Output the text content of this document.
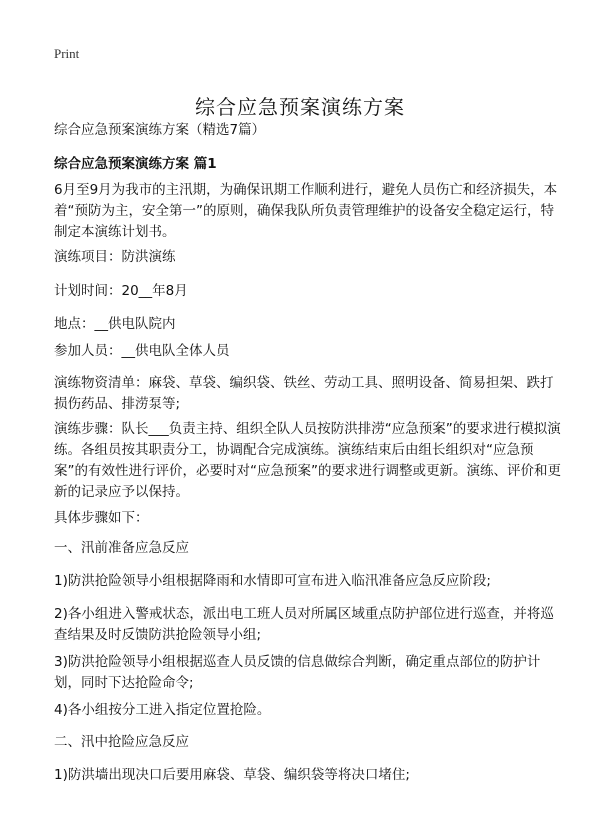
Print
综合应急预案演练方案
综合应急预案演练方案（精选7篇）
综合应急预案演练方案 篇1

6月至9月为我市的主汛期，为确保讯期工作顺利进行，避免人员伤亡和经济损失，本着“预防为主，安全第一”的原则，确保我队所负责管理维护的设备安全稳定运行，特制定本演练计划书。

演练项目：防洪演练

计划时间：20__年8月

地点：__供电队院内

参加人员：__供电队全体人员

演练物资清单：麻袋、草袋、编织袋、铁丝、劳动工具、照明设备、简易担架、跌打损伤药品、排涝泵等;

演练步骤：队长___负责主持、组织全队人员按防洪排涝“应急预案”的要求进行模拟演练。各组员按其职责分工，协调配合完成演练。演练结束后由组长组织对“应急预案”的有效性进行评价，必要时对“应急预案”的要求进行调整或更新。演练、评价和更新的记录应予以保持。

具体步骤如下：

一、汛前准备应急反应

1)防洪抢险领导小组根据降雨和水情即可宣布进入临汛准备应急反应阶段;

2)各小组进入警戒状态，派出电工班人员对所属区域重点防护部位进行巡查，并将巡查结果及时反馈防洪抢险领导小组;

3)防洪抢险领导小组根据巡查人员反馈的信息做综合判断，确定重点部位的防护计划，同时下达抢险命令;

4)各小组按分工进入指定位置抢险。

二、汛中抢险应急反应

1)防洪墙出现决口后要用麻袋、草袋、编织袋等将决口堵住;
